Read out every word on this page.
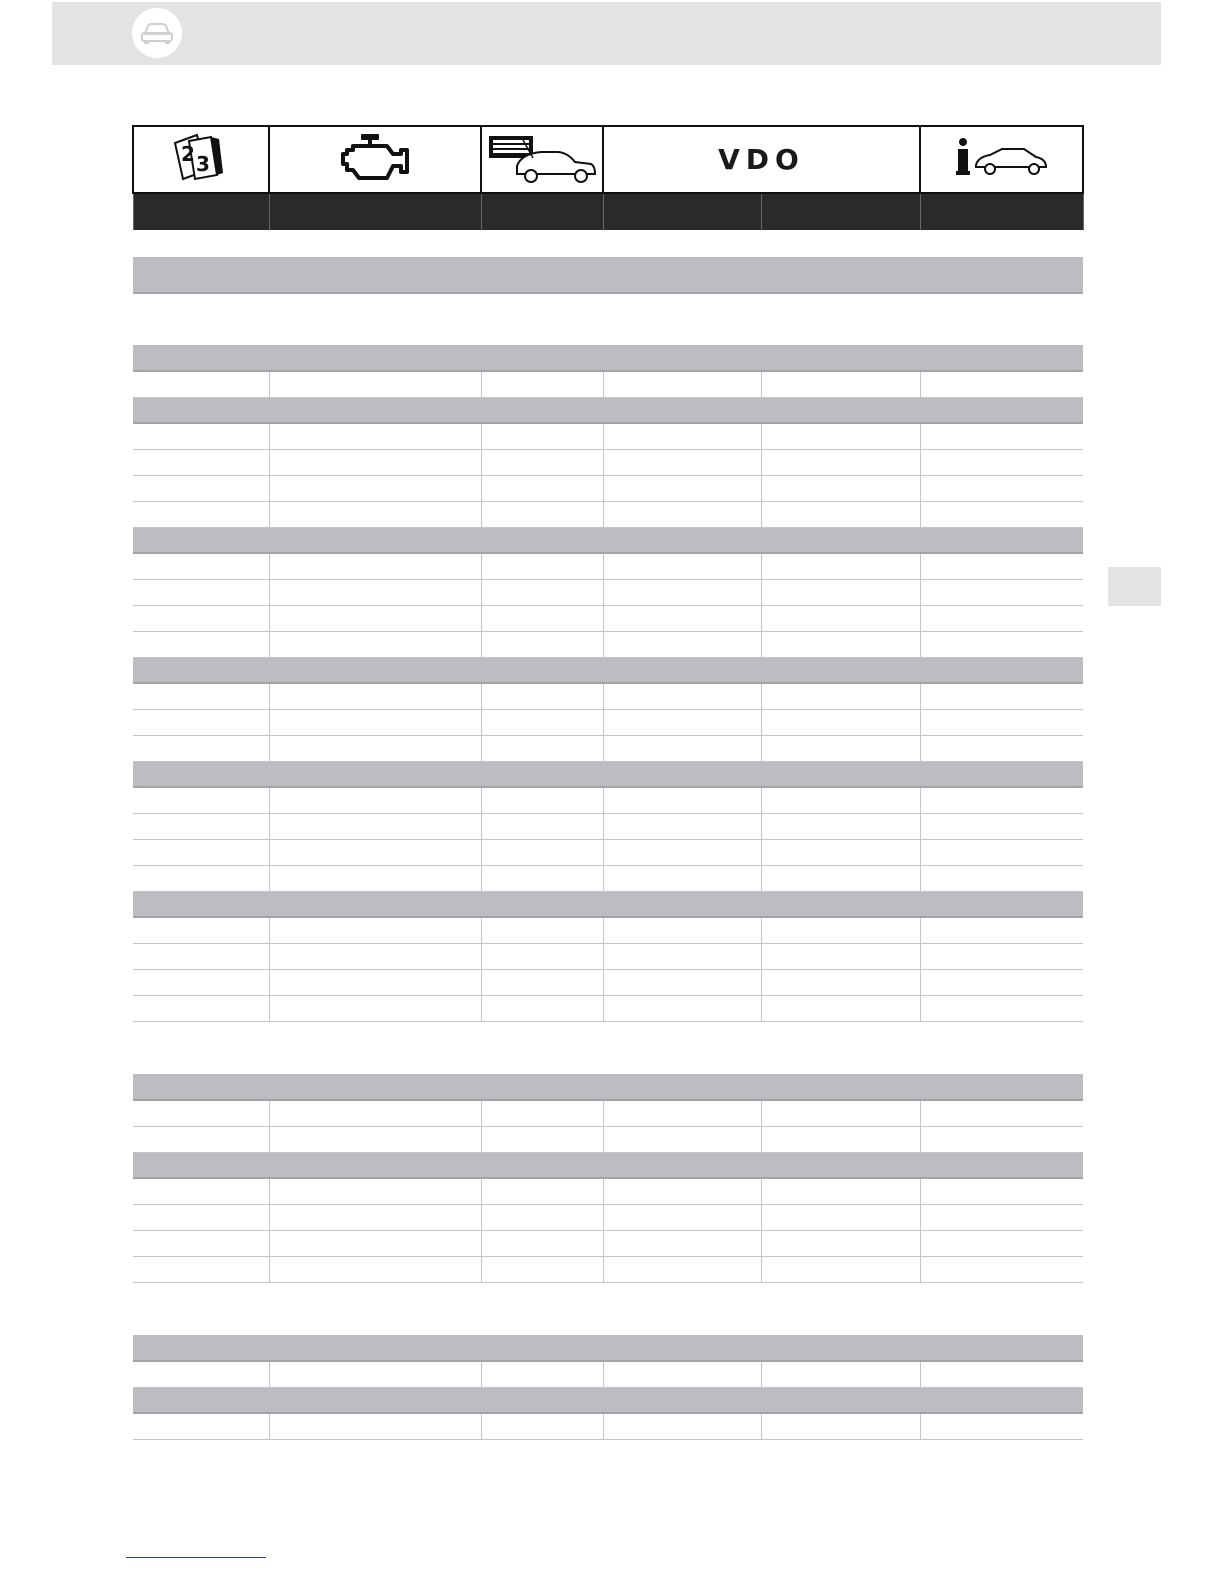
2 3			VDO	
